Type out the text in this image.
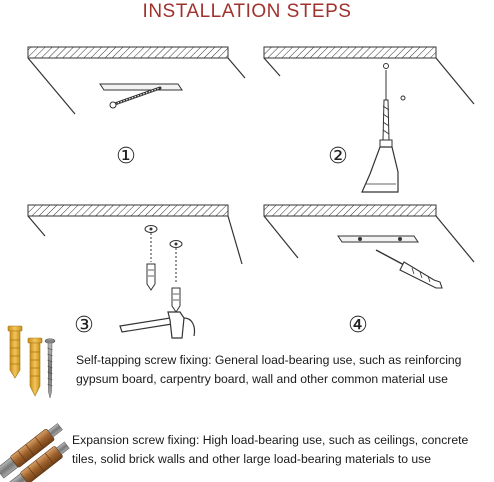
INSTALLATION STEPS
①	②
③	④
Self-tapping screw fixing: General load-bearing use, such as reinforcing
gypsum board, carpentry board, wall and other common material use
Expansion screw fixing: High load-bearing use, such as ceilings, concrete
tiles, solid brick walls and other large load-bearing materials to use
